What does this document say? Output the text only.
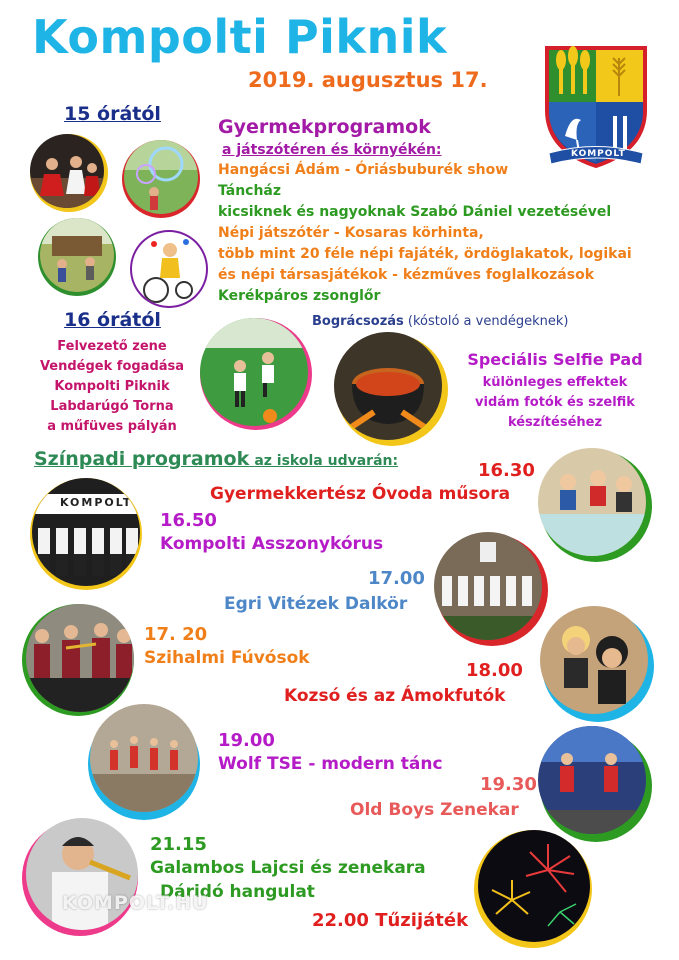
Kompolti Piknik
2019. augusztus 17.
KOMPOLT
15 órától
Gyermekprogramok
a játszótéren és környékén:
Hangácsi Ádám - Óriásbuburék show
Táncház
kicsiknek és nagyoknak Szabó Dániel vezetésével
Népi játszótér - Kosaras körhinta,
több mint 20 féle népi fajáték, ördöglakatok, logikai
és népi társasjátékok - kézműves foglalkozások
Kerékpáros zsonglőr
16 órától
Felvezető zene
Vendégek fogadása
Kompolti Piknik
Labdarúgó Torna
a műfüves pályán
Bográcsozás (kóstoló a vendégeknek)
Speciális Selfie Pad
különleges effektek
vidám fotók és szelfik
készítéséhez
Színpadi programok az iskola udvarán:	16.30
Gyermekkertész Óvoda műsora
KOMPOLTI
16.50
Kompolti Asszonykórus
17.00
Egri Vitézek Dalkör
17. 20
Szihalmi Fúvósok
18.00
Kozsó és az Ámokfutók
19.00
Wolf TSE - modern tánc
19.30
Old Boys Zenekar
21.15
Galambos Lajcsi és zenekara
Dáridó hangulat
KOMPOLT.HU
22.00 Tűzijáték
